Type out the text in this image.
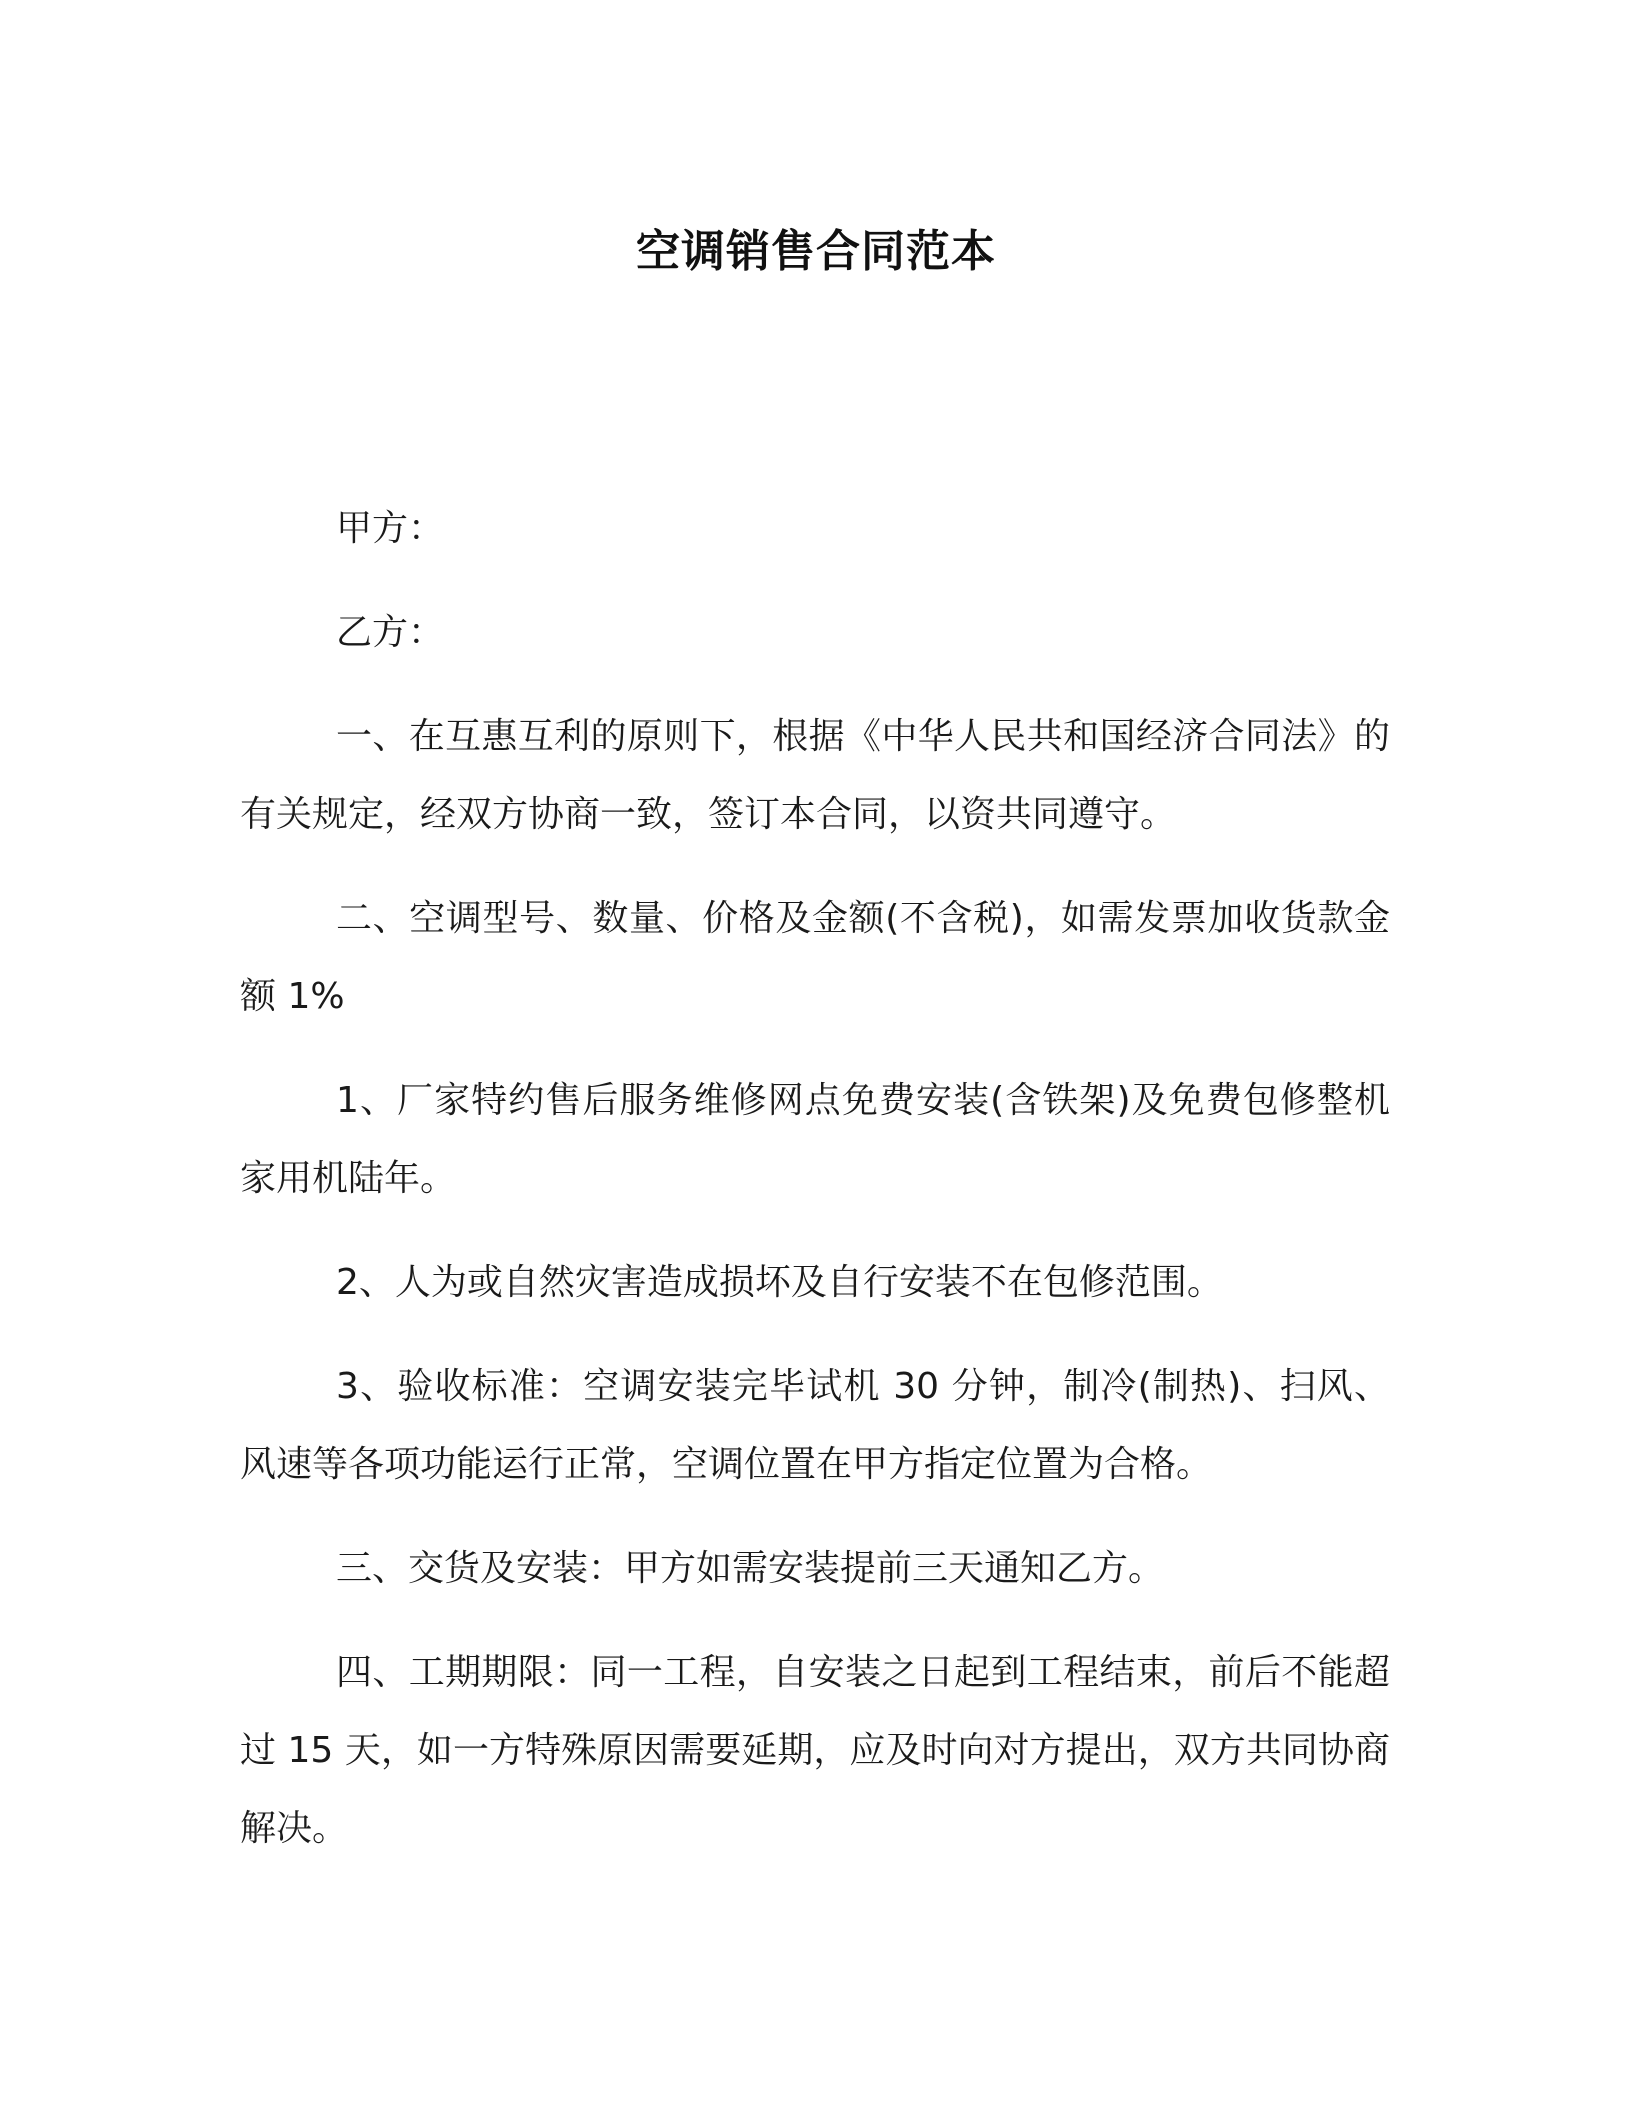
空调销售合同范本

甲方：

乙方：

一、在互惠互利的原则下，根据《中华人民共和国经济合同法》的有关规定，经双方协商一致，签订本合同，以资共同遵守。

二、空调型号、数量、价格及金额(不含税)，如需发票加收货款金额 1%

1、厂家特约售后服务维修网点免费安装(含铁架)及免费包修整机家用机陆年。

2、人为或自然灾害造成损坏及自行安装不在包修范围。

3、验收标准：空调安装完毕试机 30 分钟，制冷(制热)、扫风、风速等各项功能运行正常，空调位置在甲方指定位置为合格。

三、交货及安装：甲方如需安装提前三天通知乙方。

四、工期期限：同一工程，自安装之日起到工程结束，前后不能超过 15 天，如一方特殊原因需要延期，应及时向对方提出，双方共同协商解决。
